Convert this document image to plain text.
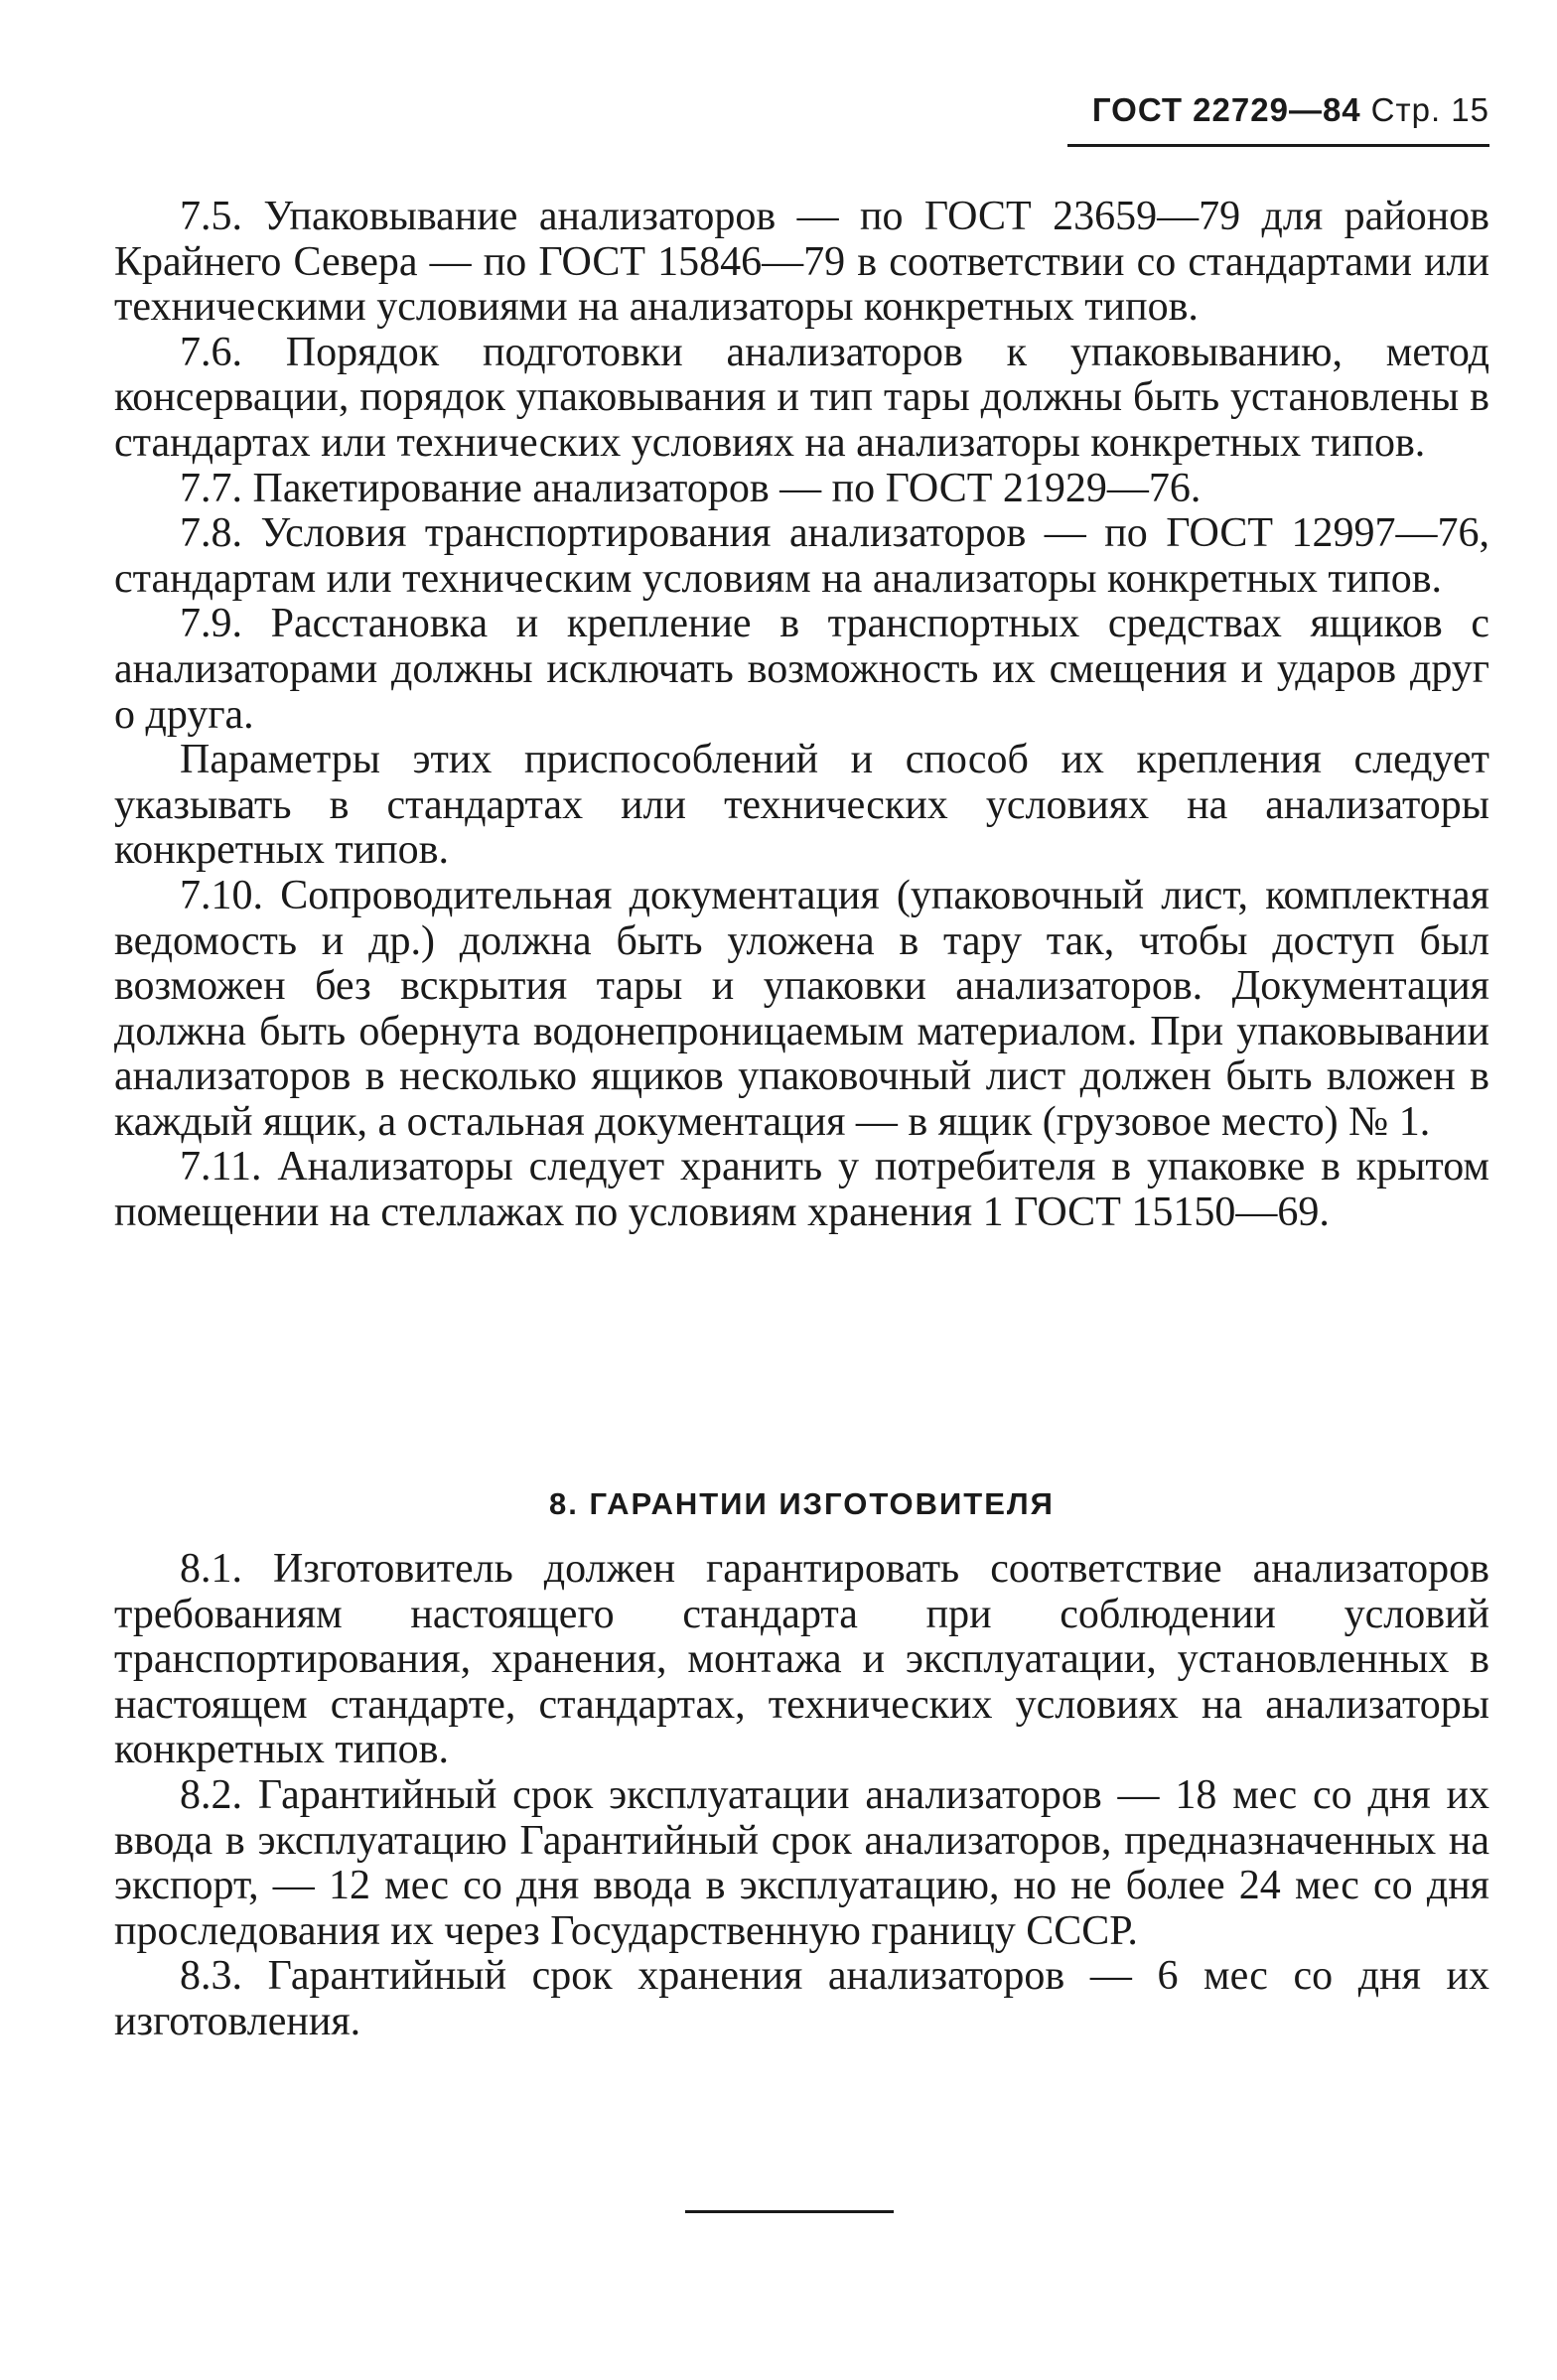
ГОСТ 22729—84 Стр. 15

7.5. Упаковывание анализаторов — по ГОСТ 23659—79 для районов Крайнего Севера — по ГОСТ 15846—79 в соответствии со стандартами или техническими условиями на анализаторы конкретных типов.

7.6. Порядок подготовки анализаторов к упаковыванию, метод консервации, порядок упаковывания и тип тары должны быть установлены в стандартах или технических условиях на анализаторы конкретных типов.

7.7. Пакетирование анализаторов — по ГОСТ 21929—76.

7.8. Условия транспортирования анализаторов — по ГОСТ 12997—76, стандартам или техническим условиям на анализаторы конкретных типов.

7.9. Расстановка и крепление в транспортных средствах ящиков с анализаторами должны исключать возможность их смещения и ударов друг о друга.

Параметры этих приспособлений и способ их крепления следует указывать в стандартах или технических условиях на анализаторы конкретных типов.

7.10. Сопроводительная документация (упаковочный лист, комплектная ведомость и др.) должна быть уложена в тару так, чтобы доступ был возможен без вскрытия тары и упаковки анализаторов. Документация должна быть обернута водонепроницаемым материалом. При упаковывании анализаторов в несколько ящиков упаковочный лист должен быть вложен в каждый ящик, а остальная документация — в ящик (грузовое место) № 1.

7.11. Анализаторы следует хранить у потребителя в упаковке в крытом помещении на стеллажах по условиям хранения 1 ГОСТ 15150—69.

8. ГАРАНТИИ ИЗГОТОВИТЕЛЯ

8.1. Изготовитель должен гарантировать соответствие анализаторов требованиям настоящего стандарта при соблюдении условий транспортирования, хранения, монтажа и эксплуатации, установленных в настоящем стандарте, стандартах, технических условиях на анализаторы конкретных типов.

8.2. Гарантийный срок эксплуатации анализаторов — 18 мес со дня их ввода в эксплуатацию Гарантийный срок анализаторов, предназначенных на экспорт, — 12 мес со дня ввода в эксплуатацию, но не более 24 мес со дня проследования их через Государственную границу СССР.

8.3. Гарантийный срок хранения анализаторов — 6 мес со дня их изготовления.
